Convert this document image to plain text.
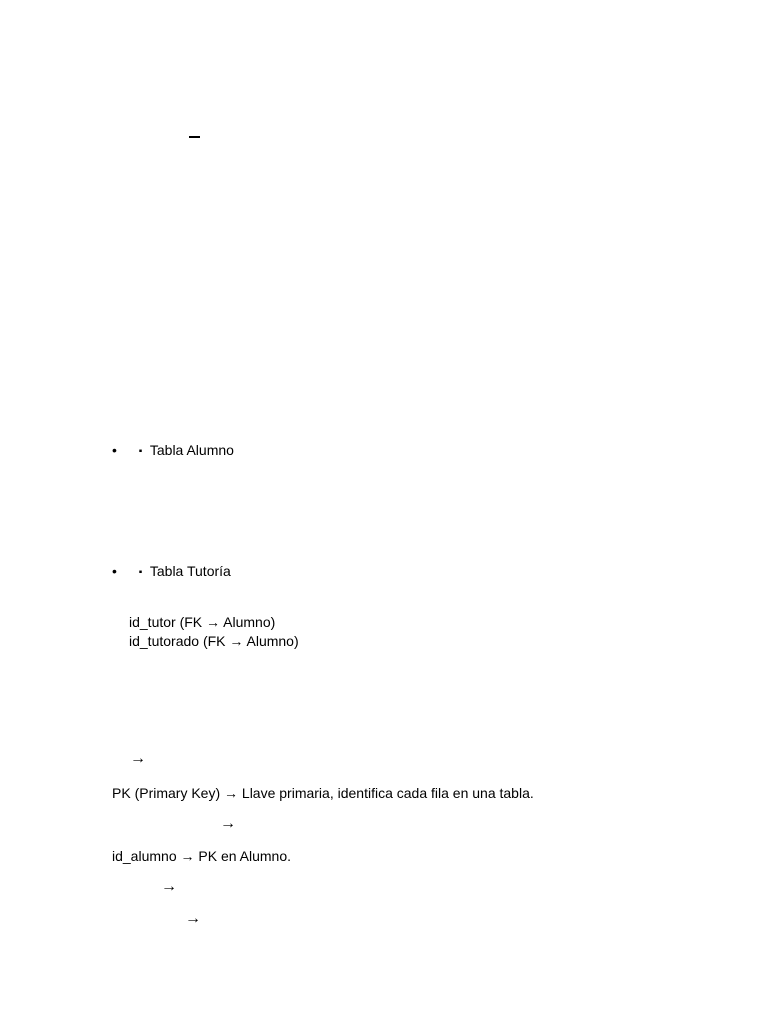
• ▪ Tabla Alumno
• ▪ Tabla Tutoría
id_tutor (FK → Alumno)
id_tutorado (FK → Alumno)
→
PK (Primary Key) → Llave primaria, identifica cada fila en una tabla.
→
id_alumno → PK en Alumno.
→
→
